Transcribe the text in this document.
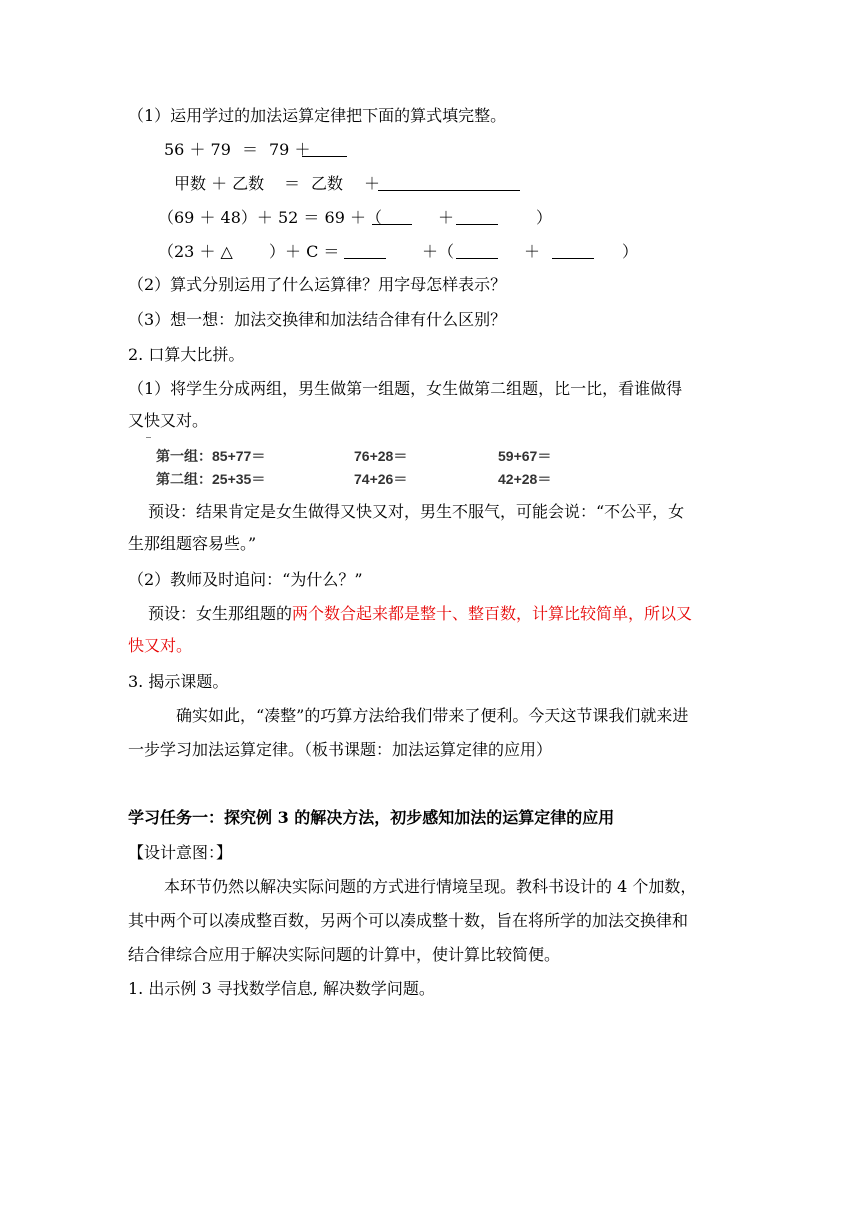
（1）运用学过的加法运算定律把下面的算式填完整。
56 ＋ 79 ＝ 79 ＋
甲数 ＋ 乙数 ＝ 乙数 ＋
（69 ＋ 48）＋ 52 ＝ 69 ＋（	＋	）
（23 ＋ △ ）＋ C ＝	＋（	＋	）
（2）算式分别运用了什么运算律？用字母怎样表示？
（3）想一想：加法交换律和加法结合律有什么区别？
2. 口算大比拼。
（1）将学生分成两组，男生做第一组题，女生做第二组题，比一比，看谁做得
又快又对。
第一组：85+77＝	76+28＝	59+67＝
第二组：25+35＝	74+26＝	42+28＝
预设：结果肯定是女生做得又快又对，男生不服气，可能会说：“不公平，女
生那组题容易些。”
（2）教师及时追问：“为什么？”
预设：女生那组题的两个数合起来都是整十、整百数，计算比较简单，所以又
快又对。
3. 揭示课题。
确实如此，“凑整”的巧算方法给我们带来了便利。今天这节课我们就来进
一步学习加法运算定律。（板书课题：加法运算定律的应用）
学习任务一：探究例 3 的解决方法，初步感知加法的运算定律的应用
【设计意图：】
本环节仍然以解决实际问题的方式进行情境呈现。教科书设计的 4 个加数，
其中两个可以凑成整百数，另两个可以凑成整十数，旨在将所学的加法交换律和
结合律综合应用于解决实际问题的计算中，使计算比较简便。
1. 出示例 3 寻找数学信息, 解决数学问题。
